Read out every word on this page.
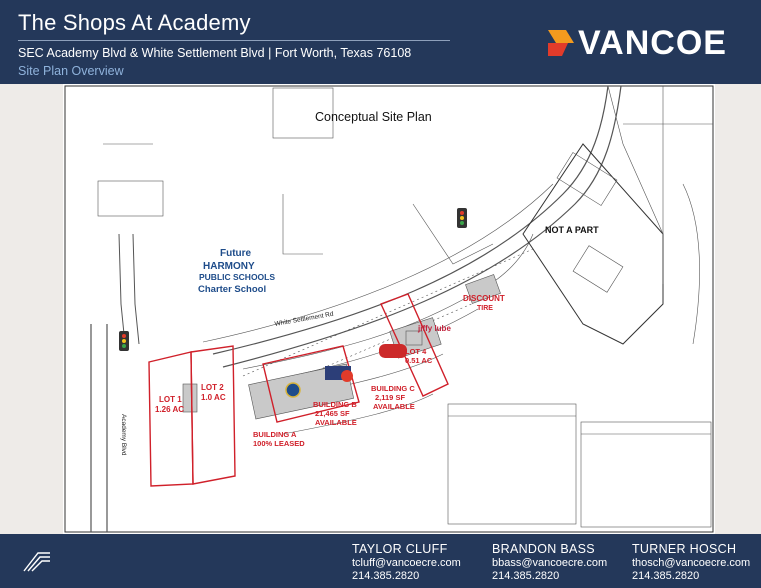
The Shops At Academy
SEC Academy Blvd & White Settlement Blvd | Fort Worth, Texas 76108
Site Plan Overview
VANCOE
Conceptual Site Plan
White Settlement Rd
Academy Blvd
NOT A PART
Future
HARMONY
PUBLIC SCHOOLS
Charter School
DISCOUNT
TIRE
jiffy lube
LOT 1
1.26 AC
LOT 2
1.0 AC
LOT 4
0.51 AC
BUILDING A
100% LEASED
BUILDING B
21,465 SF
AVAILABLE
BUILDING C
2,119 SF
AVAILABLE
TAYLOR CLUFF
tcluff@vancoecre.com
214.385.2820
BRANDON BASS
bbass@vancoecre.com
214.385.2820
TURNER HOSCH
thosch@vancoecre.com
214.385.2820
